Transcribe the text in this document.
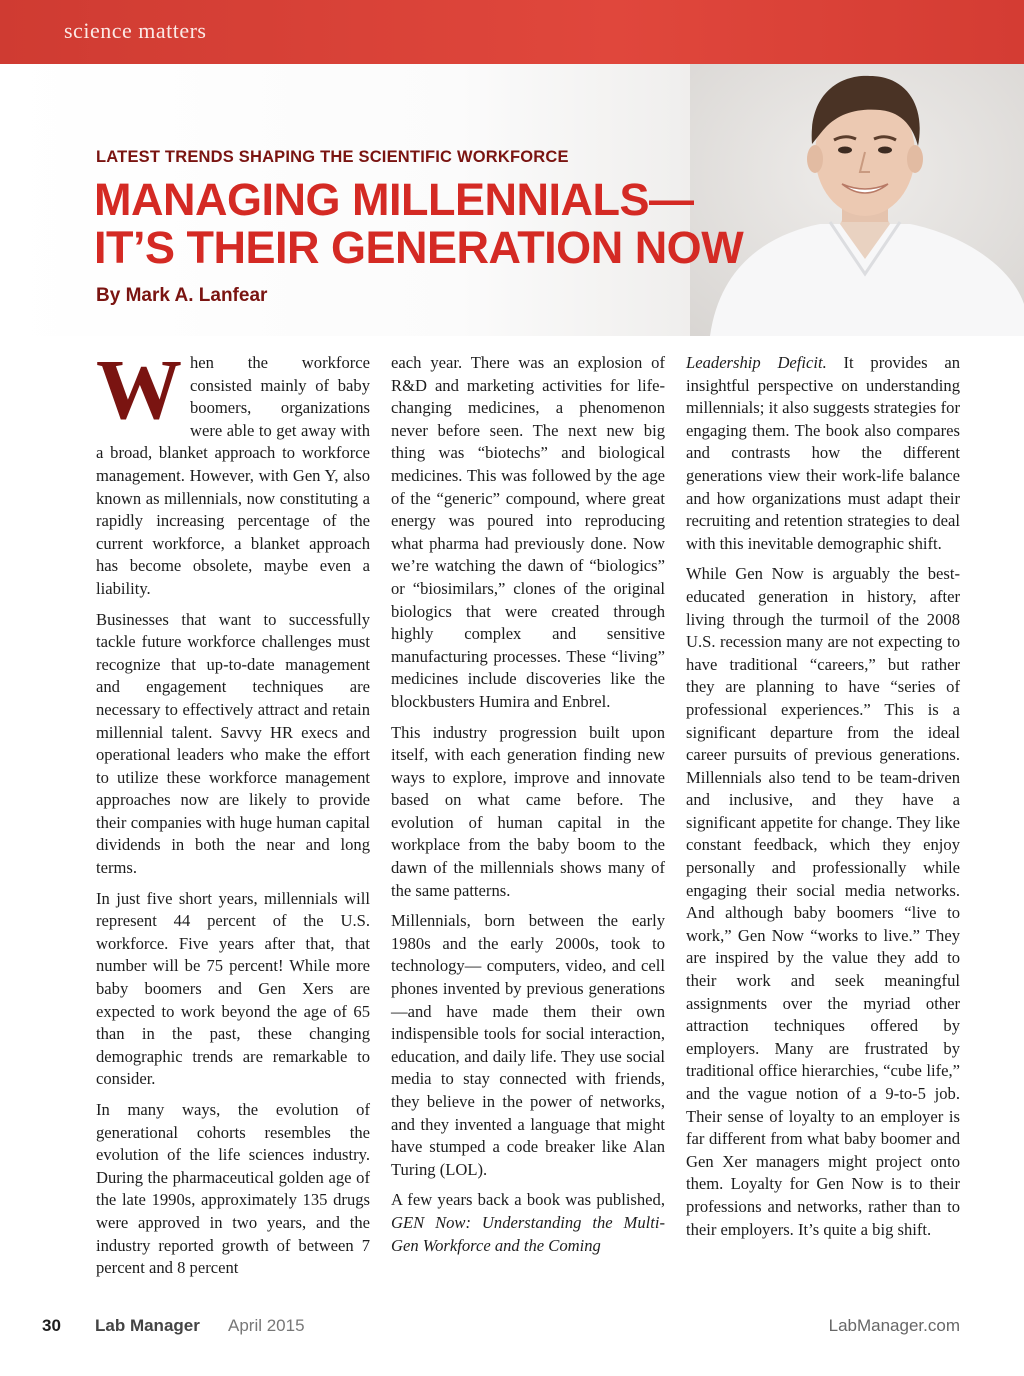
science matters
LATEST TRENDS SHAPING THE SCIENTIFIC WORKFORCE
MANAGING MILLENNIALS—
IT’S THEIR GENERATION NOW
By Mark A. Lanfear

When the workforce consisted mainly of baby boomers, organizations were able to get away with a broad, blanket approach to workforce management. However, with Gen Y, also known as millennials, now constituting a rapidly increasing percentage of the current workforce, a blanket approach has become obsolete, maybe even a liability.

Businesses that want to successfully tackle future workforce challenges must recognize that up-to-date management and engagement techniques are necessary to effectively attract and retain millennial talent. Savvy HR execs and operational leaders who make the effort to utilize these workforce management approaches now are likely to provide their companies with huge human capital dividends in both the near and long terms.

In just five short years, millennials will represent 44 percent of the U.S. workforce. Five years after that, that number will be 75 percent! While more baby boomers and Gen Xers are expected to work beyond the age of 65 than in the past, these changing demographic trends are remarkable to consider.

In many ways, the evolution of generational cohorts resembles the evolution of the life sciences industry. During the pharmaceutical golden age of the late 1990s, approximately 135 drugs were approved in two years, and the industry reported growth of between 7 percent and 8 percent

each year. There was an explosion of R&D and marketing activities for life-changing medicines, a phenomenon never before seen. The next new big thing was “biotechs” and biological medicines. This was followed by the age of the “generic” compound, where great energy was poured into reproducing what pharma had previously done. Now we’re watching the dawn of “biologics” or “biosimilars,” clones of the original biologics that were created through highly complex and sensitive manufacturing processes. These “living” medicines include discoveries like the blockbusters Humira and Enbrel.

This industry progression built upon itself, with each generation finding new ways to explore, improve and innovate based on what came before. The evolution of human capital in the workplace from the baby boom to the dawn of the millennials shows many of the same patterns.

Millennials, born between the early 1980s and the early 2000s, took to technology— computers, video, and cell phones invented by previous generations—and have made them their own indispensible tools for social interaction, education, and daily life. They use social media to stay connected with friends, they believe in the power of networks, and they invented a language that might have stumped a code breaker like Alan Turing (LOL).

A few years back a book was published, GEN Now: Understanding the Multi-Gen Workforce and the Coming

Leadership Deficit. It provides an insightful perspective on understanding millennials; it also suggests strategies for engaging them. The book also compares and contrasts how the different generations view their work-life balance and how organizations must adapt their recruiting and retention strategies to deal with this inevitable demographic shift.

While Gen Now is arguably the best-educated generation in history, after living through the turmoil of the 2008 U.S. recession many are not expecting to have traditional “careers,” but rather they are planning to have “series of professional experiences.” This is a significant departure from the ideal career pursuits of previous generations. Millennials also tend to be team-driven and inclusive, and they have a significant appetite for change. They like constant feedback, which they enjoy personally and professionally while engaging their social media networks. And although baby boomers “live to work,” Gen Now “works to live.” They are inspired by the value they add to their work and seek meaningful assignments over the myriad other attraction techniques offered by employers. Many are frustrated by traditional office hierarchies, “cube life,” and the vague notion of a 9-to-5 job. Their sense of loyalty to an employer is far different from what baby boomer and Gen Xer managers might project onto them. Loyalty for Gen Now is to their professions and networks, rather than to their employers. It’s quite a big shift.

30 Lab Manager April 2015	LabManager.com
